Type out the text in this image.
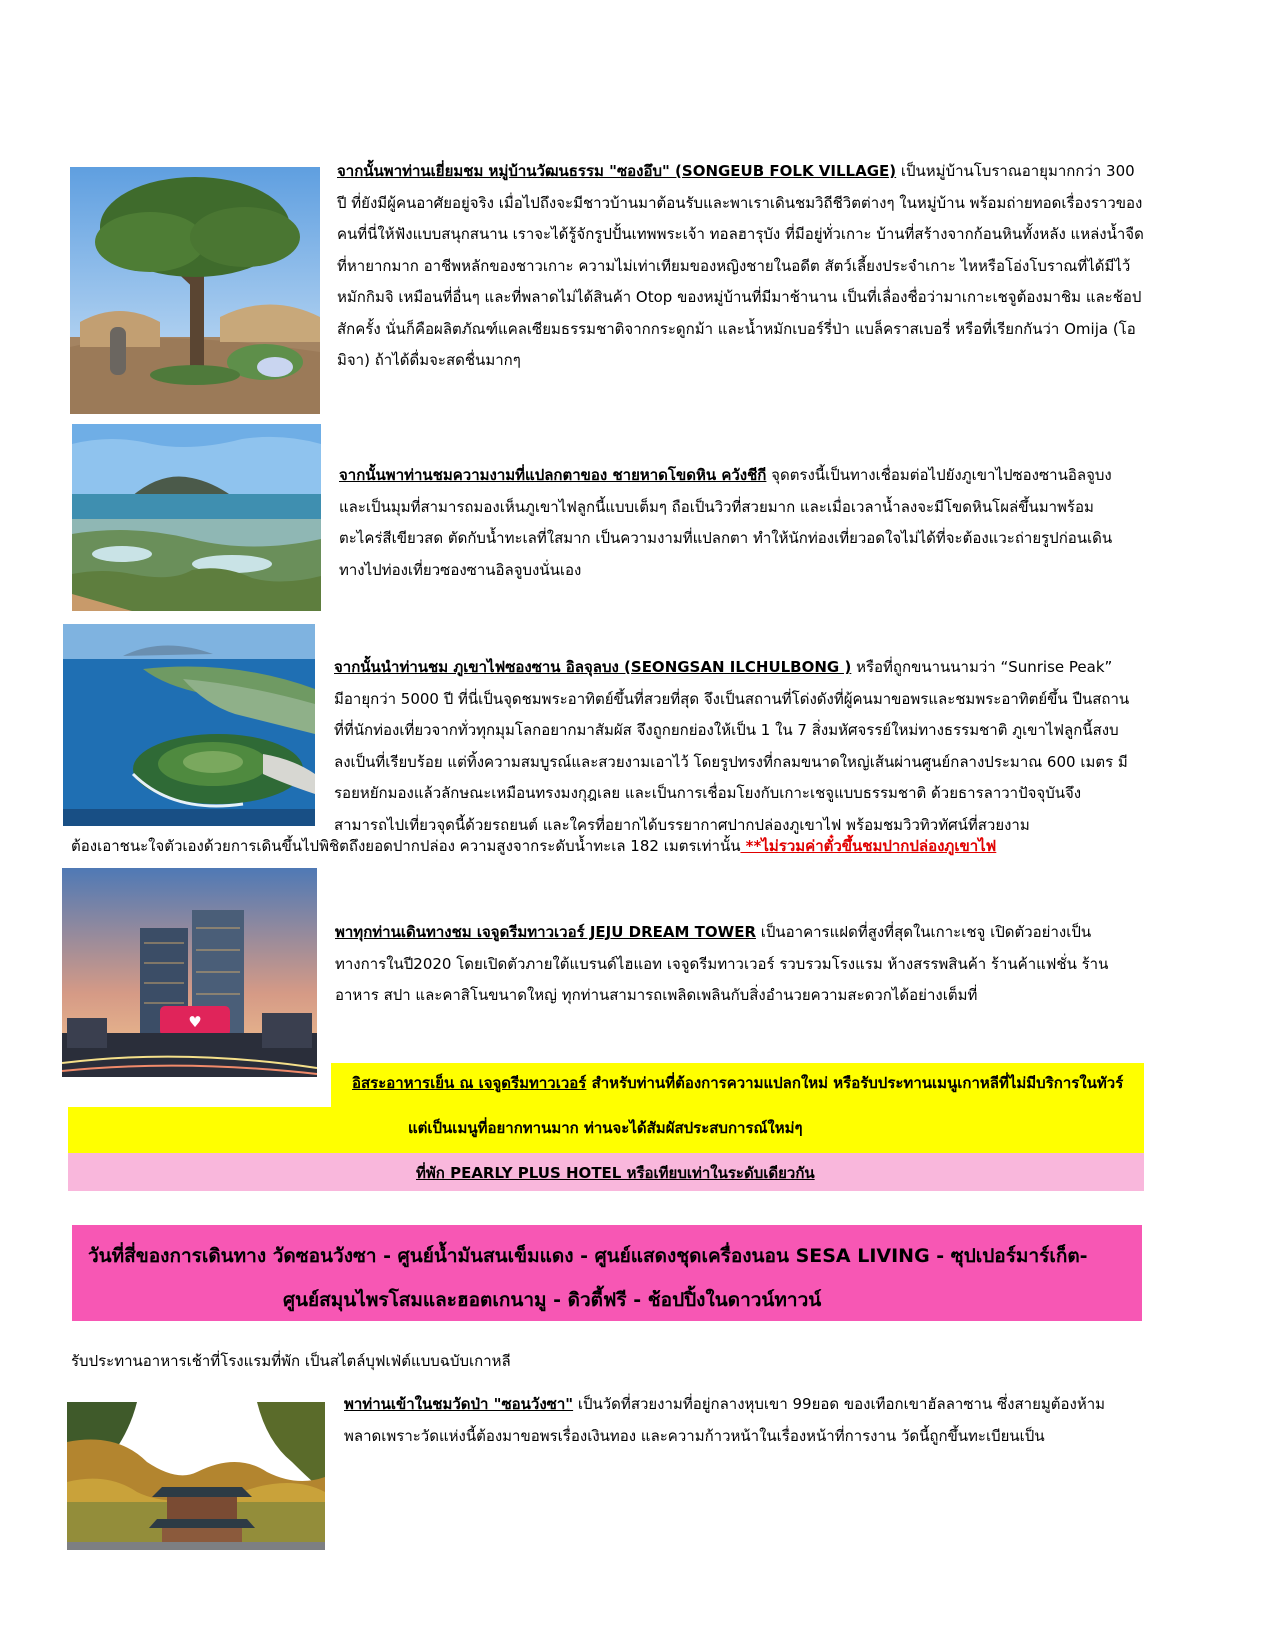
จากนั้นพาท่านเยี่ยมชม หมู่บ้านวัฒนธรรม "ซองอึบ" (SONGEUB FOLK VILLAGE) เป็นหมู่บ้านโบราณอายุมากกว่า 300 ปี ที่ยังมีผู้คนอาศัยอยู่จริง เมื่อไปถึงจะมีชาวบ้านมาต้อนรับและพาเราเดินชมวิถีชีวิตต่างๆ ในหมู่บ้าน พร้อมถ่ายทอดเรื่องราวของคนที่นี่ให้ฟังแบบสนุกสนาน เราจะได้รู้จักรูปปั้นเทพพระเจ้า ทอลฮารุบัง ที่มีอยู่ทั่วเกาะ บ้านที่สร้างจากก้อนหินทั้งหลัง แหล่งน้ำจืดที่หายากมาก อาชีพหลักของชาวเกาะ ความไม่เท่าเทียมของหญิงชายในอดีต สัตว์เลี้ยงประจำเกาะ ไหหรือโอ่งโบราณที่ได้มีไว้หมักกิมจิ เหมือนที่อื่นๆ และที่พลาดไม่ได้สินค้า Otop ของหมู่บ้านที่มีมาช้านาน เป็นที่เลื่องชื่อว่ามาเกาะเชจูต้องมาชิม และช้อปสักครั้ง นั่นก็คือผลิตภัณฑ์แคลเซียมธรรมชาติจากกระดูกม้า และน้ำหมักเบอร์รี่ป่า แบล็คราสเบอรี่ หรือที่เรียกกันว่า Omija (โอมิจา) ถ้าได้ดื่มจะสดชื่นมากๆ

จากนั้นพาท่านชมความงามที่แปลกตาของ ชายหาดโขดหิน ควังชีกี จุดตรงนี้เป็นทางเชื่อมต่อไปยังภูเขาไปซองซานอิลจูบง และเป็นมุมที่สามารถมองเห็นภูเขาไฟลูกนี้แบบเต็มๆ ถือเป็นวิวที่สวยมาก และเมื่อเวลาน้ำลงจะมีโขดหินโผล่ขึ้นมาพร้อมตะไคร่สีเขียวสด ตัดกับน้ำทะเลที่ใสมาก เป็นความงามที่แปลกตา ทำให้นักท่องเที่ยวอดใจไม่ได้ที่จะต้องแวะถ่ายรูปก่อนเดินทางไปท่องเที่ยวซองซานอิลจูบงนั่นเอง

จากนั้นนำท่านชม ภูเขาไฟซองซาน อิลจุลบง (SEONGSAN ILCHULBONG ) หรือที่ถูกขนานนามว่า “Sunrise Peak” มีอายุกว่า 5000 ปี ที่นี่เป็นจุดชมพระอาทิตย์ขึ้นที่สวยที่สุด จึงเป็นสถานที่โด่งดังที่ผู้คนมาขอพรและชมพระอาทิตย์ขึ้น ปืนสถานที่ที่นักท่องเที่ยวจากทั่วทุกมุมโลกอยากมาสัมผัส จึงถูกยกย่องให้เป็น 1 ใน 7 สิ่งมหัศจรรย์ใหม่ทางธรรมชาติ ภูเขาไฟลูกนี้สงบลงเป็นที่เรียบร้อย แต่ทิ้งความสมบูรณ์และสวยงามเอาไว้ โดยรูปทรงที่กลมขนาดใหญ่เส้นผ่านศูนย์กลางประมาณ 600 เมตร มีรอยหยักมองแล้วลักษณะเหมือนทรงมงกุฎเลย และเป็นการเชื่อมโยงกับเกาะเชจูแบบธรรมชาติ ด้วยธารลาวาปัจจุบันจึงสามารถไปเที่ยวจุดนี้ด้วยรถยนต์ และใครที่อยากได้บรรยากาศปากปล่องภูเขาไฟ พร้อมชมวิวทิวทัศน์ที่สวยงาม

ต้องเอาชนะใจตัวเองด้วยการเดินขึ้นไปพิชิตถึงยอดปากปล่อง ความสูงจากระดับน้ำทะเล 182 เมตรเท่านั้น **ไม่รวมค่าตั๋วขึ้นชมปากปล่องภูเขาไฟ

♥

พาทุกท่านเดินทางชม เจจูดรีมทาวเวอร์ JEJU DREAM TOWER เป็นอาคารแฝดที่สูงที่สุดในเกาะเชจู เปิดตัวอย่างเป็นทางการในปี2020 โดยเปิดตัวภายใต้แบรนด์ไฮแอท เจจูดรีมทาวเวอร์ รวบรวมโรงแรม ห้างสรรพสินค้า ร้านค้าแฟชั่น ร้านอาหาร สปา และคาสิโนขนาดใหญ่ ทุกท่านสามารถเพลิดเพลินกับสิ่งอำนวยความสะดวกได้อย่างเต็มที่

อิสระอาหารเย็น ณ เจจูดรีมทาวเวอร์ สำหรับท่านที่ต้องการความแปลกใหม่ หรือรับประทานเมนูเกาหลีที่ไม่มีบริการในทัวร์
แต่เป็นเมนูที่อยากทานมาก ท่านจะได้สัมผัสประสบการณ์ใหม่ๆ
ที่พัก PEARLY PLUS HOTEL หรือเทียบเท่าในระดับเดียวกัน
วันที่สี่ของการเดินทาง วัดซอนวังซา - ศูนย์น้ำมันสนเข็มแดง - ศูนย์แสดงชุดเครื่องนอน SESA LIVING - ซุปเปอร์มาร์เก็ต-
ศูนย์สมุนไพรโสมและฮอตเกนามู - ดิวตี้ฟรี - ช้อปปิ้งในดาวน์ทาวน์
รับประทานอาหารเช้าที่โรงแรมที่พัก เป็นสไตล์บุฟเฟ่ต์แบบฉบับเกาหลี

พาท่านเข้าในชมวัดป่า "ซอนวังซา" เป็นวัดที่สวยงามที่อยู่กลางหุบเขา 99ยอด ของเทือกเขาฮัลลาซาน ซึ่งสายมูต้องห้ามพลาดเพราะวัดแห่งนี้ต้องมาขอพรเรื่องเงินทอง และความก้าวหน้าในเรื่องหน้าที่การงาน วัดนี้ถูกขึ้นทะเบียนเป็น
